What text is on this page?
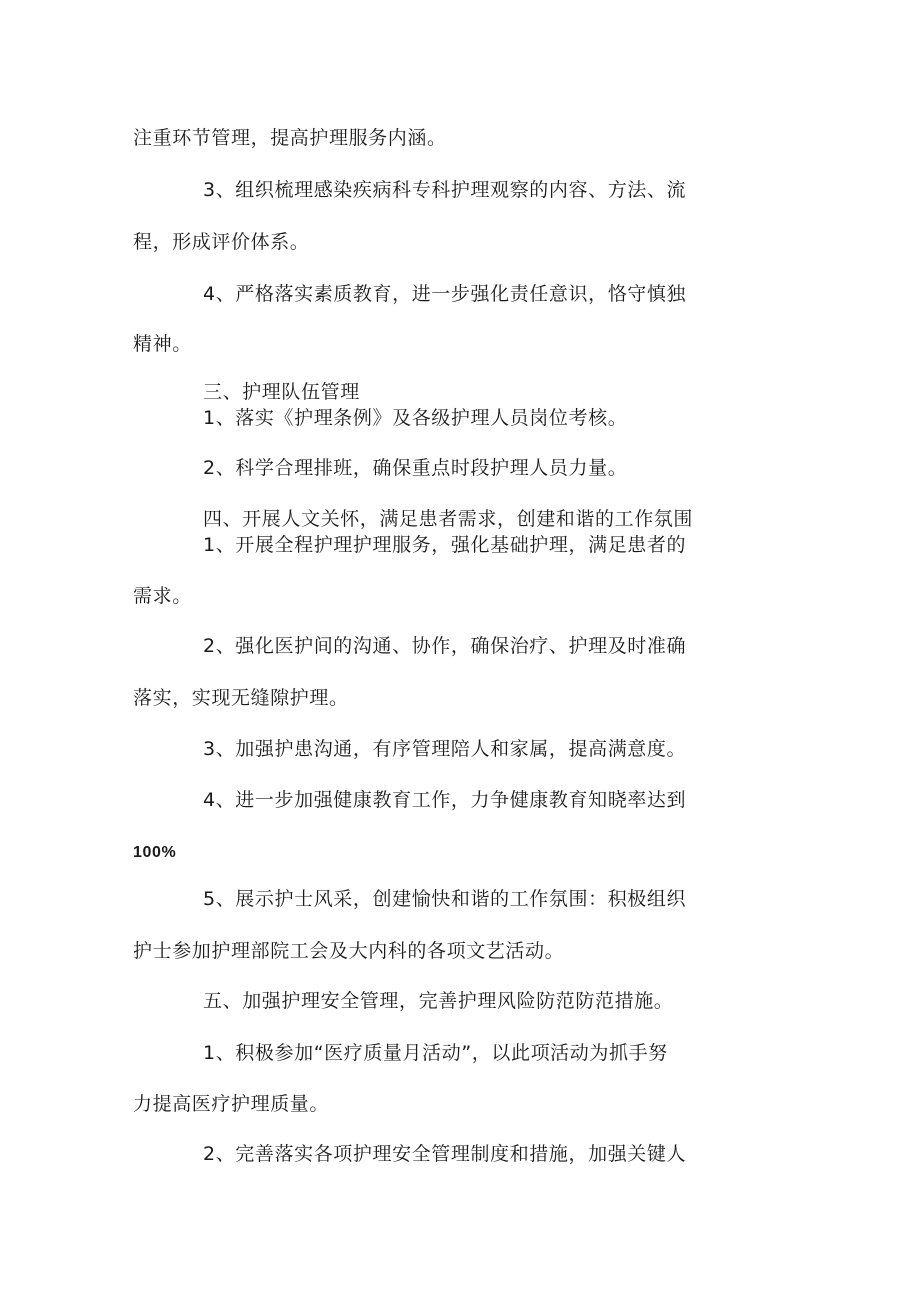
注重环节管理，提高护理服务内涵。
3、组织梳理感染疾病科专科护理观察的内容、方法、流
程，形成评价体系。
4、严格落实素质教育，进一步强化责任意识，恪守慎独
精神。
三、护理队伍管理
1、落实《护理条例》及各级护理人员岗位考核。
2、科学合理排班，确保重点时段护理人员力量。
四、开展人文关怀，满足患者需求，创建和谐的工作氛围
1、开展全程护理护理服务，强化基础护理，满足患者的
需求。
2、强化医护间的沟通、协作，确保治疗、护理及时准确
落实，实现无缝隙护理。
3、加强护患沟通，有序管理陪人和家属，提高满意度。
4、进一步加强健康教育工作，力争健康教育知晓率达到
100%
5、展示护士风采，创建愉快和谐的工作氛围：积极组织
护士参加护理部院工会及大内科的各项文艺活动。
五、加强护理安全管理，完善护理风险防范防范措施。
1、积极参加“医疗质量月活动”，以此项活动为抓手努
力提高医疗护理质量。
2、完善落实各项护理安全管理制度和措施，加强关键人
